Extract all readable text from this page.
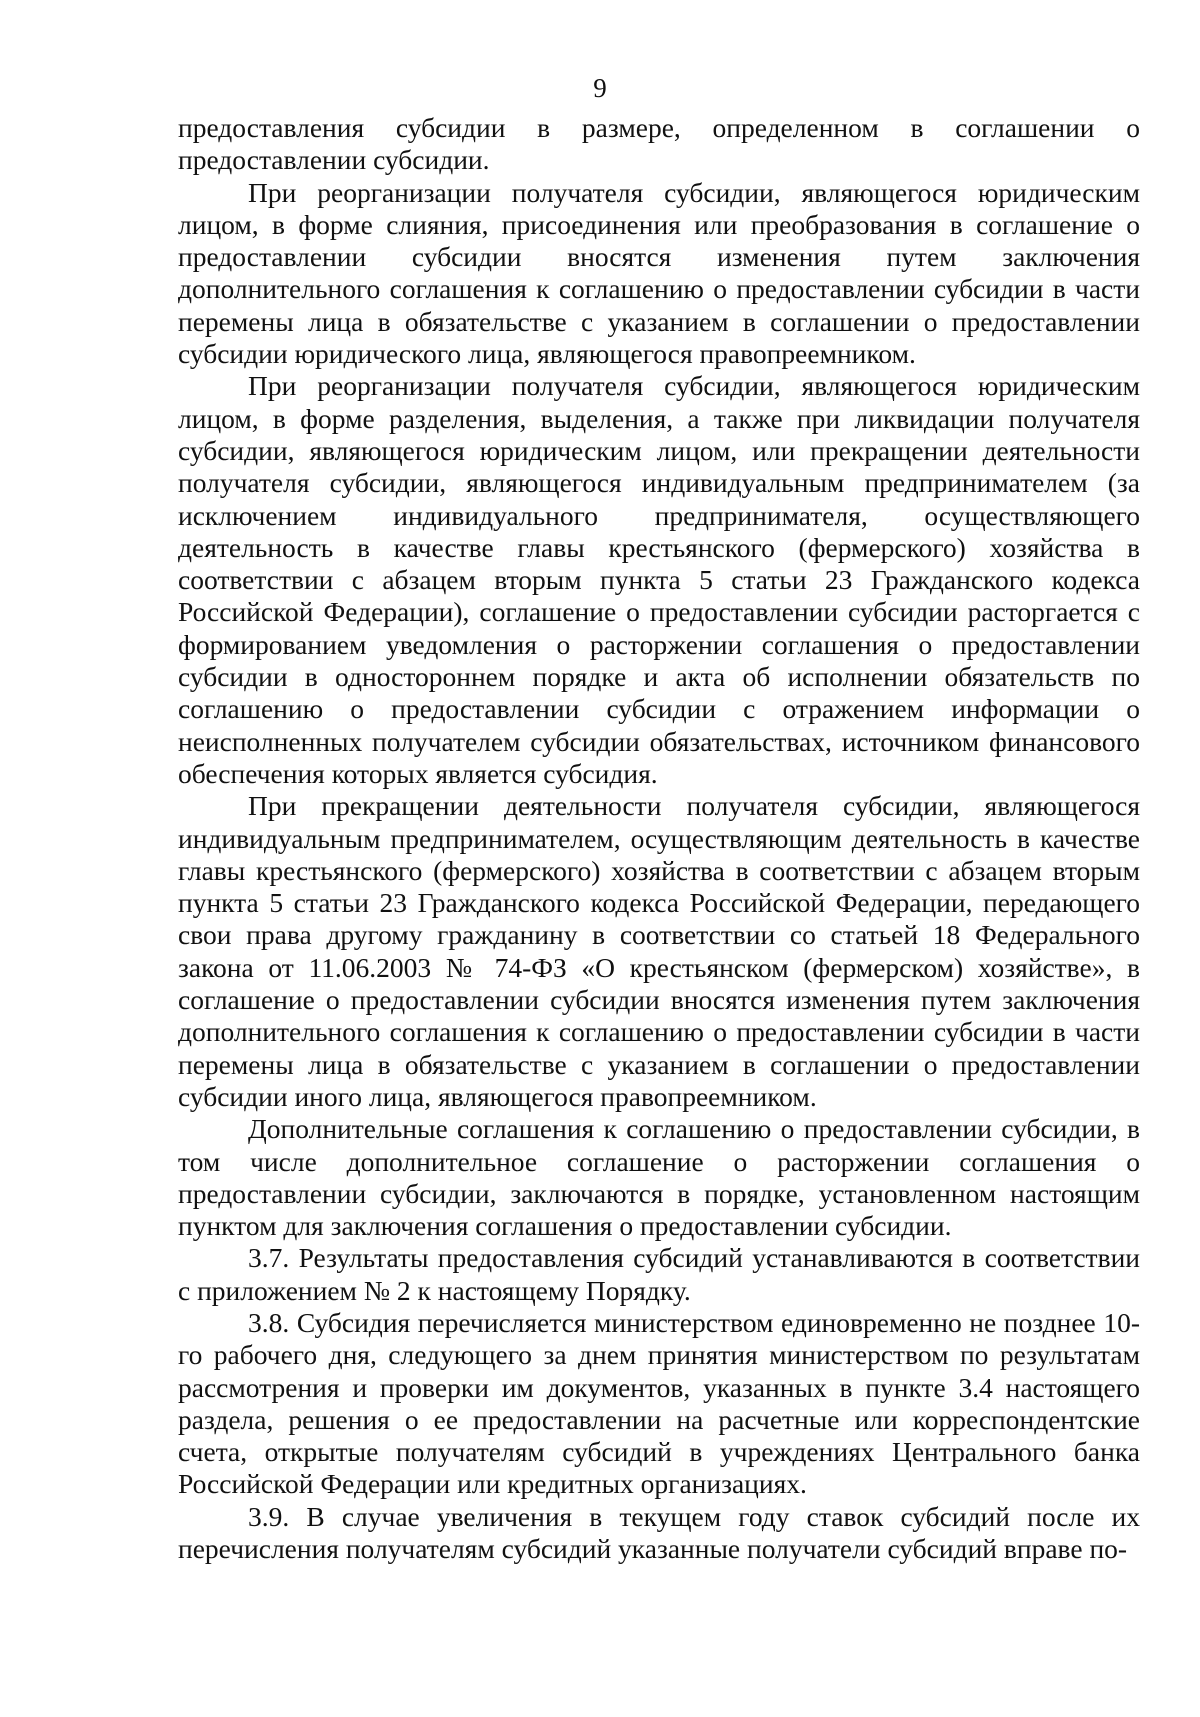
9

предоставления субсидии в размере, определенном в соглашении о предоставлении субсидии.

При реорганизации получателя субсидии, являющегося юридическим лицом, в форме слияния, присоединения или преобразования в соглашение о предоставлении субсидии вносятся изменения путем заключения дополнительного соглашения к соглашению о предоставлении субсидии в части перемены лица в обязательстве с указанием в соглашении о предоставлении субсидии юридического лица, являющегося правопреемником.

При реорганизации получателя субсидии, являющегося юридическим лицом, в форме разделения, выделения, а также при ликвидации получателя субсидии, являющегося юридическим лицом, или прекращении деятельности получателя субсидии, являющегося индивидуальным предпринимателем (за исключением индивидуального предпринимателя, осуществляющего деятельность в качестве главы крестьянского (фермерского) хозяйства в соответствии с абзацем вторым пункта 5 статьи 23 Гражданского кодекса Российской Федерации), соглашение о предоставлении субсидии расторгается с формированием уведомления о расторжении соглашения о предоставлении субсидии в одностороннем порядке и акта об исполнении обязательств по соглашению о предоставлении субсидии с отражением информации о неисполненных получателем субсидии обязательствах, источником финансового обеспечения которых является субсидия.

При прекращении деятельности получателя субсидии, являющегося индивидуальным предпринимателем, осуществляющим деятельность в качестве главы крестьянского (фермерского) хозяйства в соответствии с абзацем вторым пункта 5 статьи 23 Гражданского кодекса Российской Федерации, передающего свои права другому гражданину в соответствии со статьей 18 Федерального закона от 11.06.2003 № 74-ФЗ «О крестьянском (фермерском) хозяйстве», в соглашение о предоставлении субсидии вносятся изменения путем заключения дополнительного соглашения к соглашению о предоставлении субсидии в части перемены лица в обязательстве с указанием в соглашении о предоставлении субсидии иного лица, являющегося правопреемником.

Дополнительные соглашения к соглашению о предоставлении субсидии, в том числе дополнительное соглашение о расторжении соглашения о предоставлении субсидии, заключаются в порядке, установленном настоящим пунктом для заключения соглашения о предоставлении субсидии.

3.7. Результаты предоставления субсидий устанавливаются в соответствии с приложением № 2 к настоящему Порядку.

3.8. Субсидия перечисляется министерством единовременно не позднее 10-го рабочего дня, следующего за днем принятия министерством по результатам рассмотрения и проверки им документов, указанных в пункте 3.4 настоящего раздела, решения о ее предоставлении на расчетные или корреспондентские счета, открытые получателям субсидий в учреждениях Центрального банка Российской Федерации или кредитных организациях.

3.9. В случае увеличения в текущем году ставок субсидий после их перечисления получателям субсидий указанные получатели субсидий вправе по-
